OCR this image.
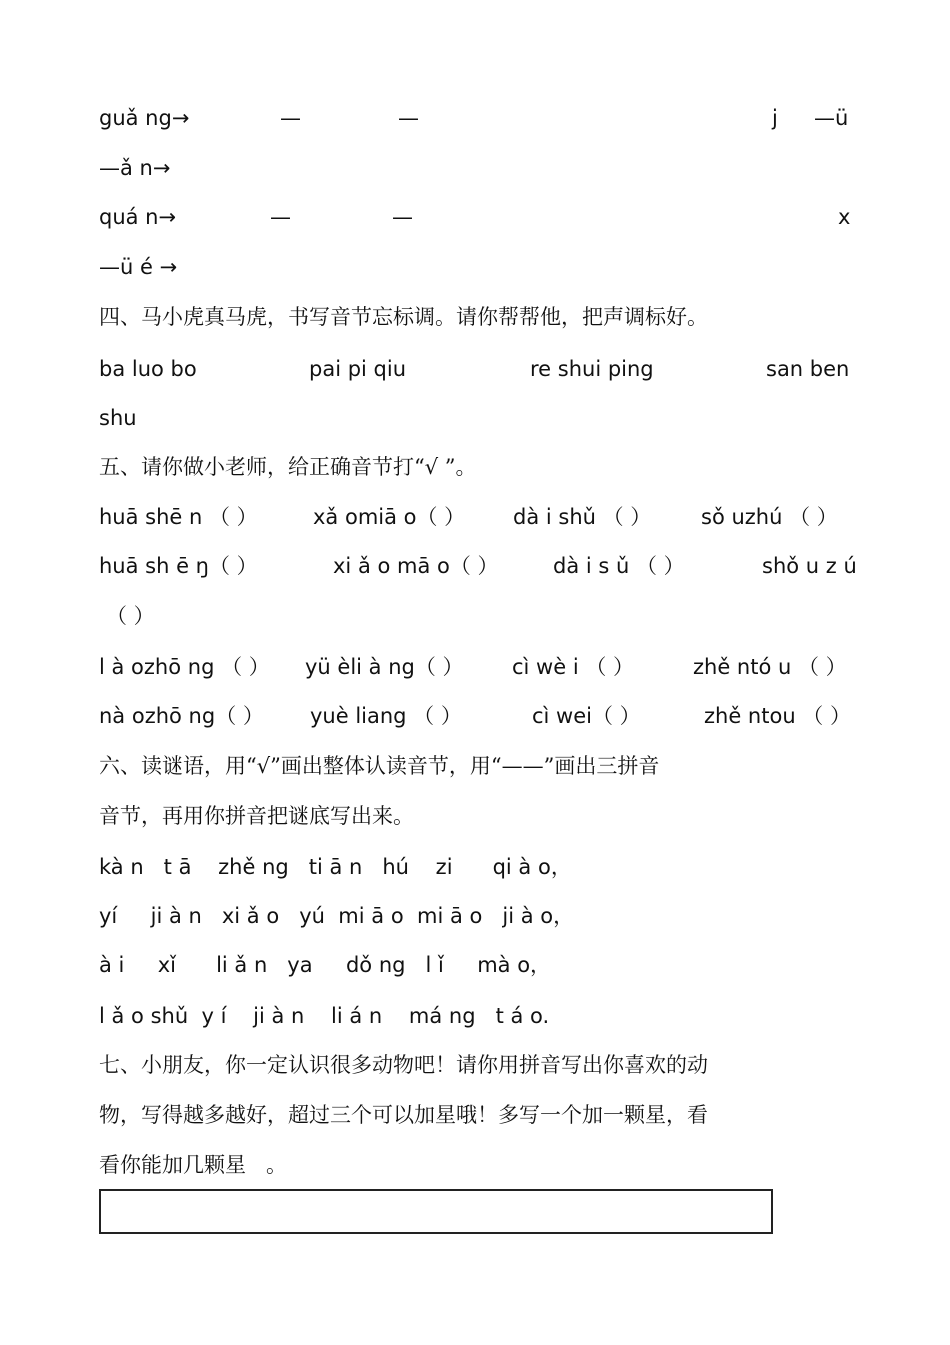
guǎ ng→	—	—	j —ü
—ǎ n→
quá n→	—	—	x
—ü é →
四、马小虎真马虎，书写音节忘标调。请你帮帮他，把声调标好。
ba luo bo	pai pi qiu	re shui ping	san ben
shu
五、请你做小老师，给正确音节打“√ ”。
huā shē n （ ）	xǎ omiā o（ ） dà i shǔ （ ） sǒ uzhú （ ）
huā sh ē ŋ（ ）	xi ǎ o mā o（ ）	dà i s ǔ （ ）	shǒ u z ú
（ ）
l à ozhō ng （ ） yü èli à ng（ ） cì wè i （ ）	zhě ntó u （ ）
nà ozhō ng（ ） yuè liang （ ）	cì wei（ ）	zhě ntou （ ）
六、读谜语，用“√”画出整体认读音节，用“——”画出三拼音
音节，再用你拼音把谜底写出来。
kà n   t ā    zhě ng   ti ā n   hú    zi      qi à o，
yí     ji à n   xi ǎ o   yú  mi ā o  mi ā o   ji à o，
à i     xǐ      li ǎ n   ya     dǒ ng   l ǐ     mà o，
l ǎ o shǔ  y í    ji à n    li á n    má ng   t á o.
七、小朋友，你一定认识很多动物吧！请你用拼音写出你喜欢的动
物，写得越多越好，超过三个可以加星哦！多写一个加一颗星，看
看你能加几颗星   。
